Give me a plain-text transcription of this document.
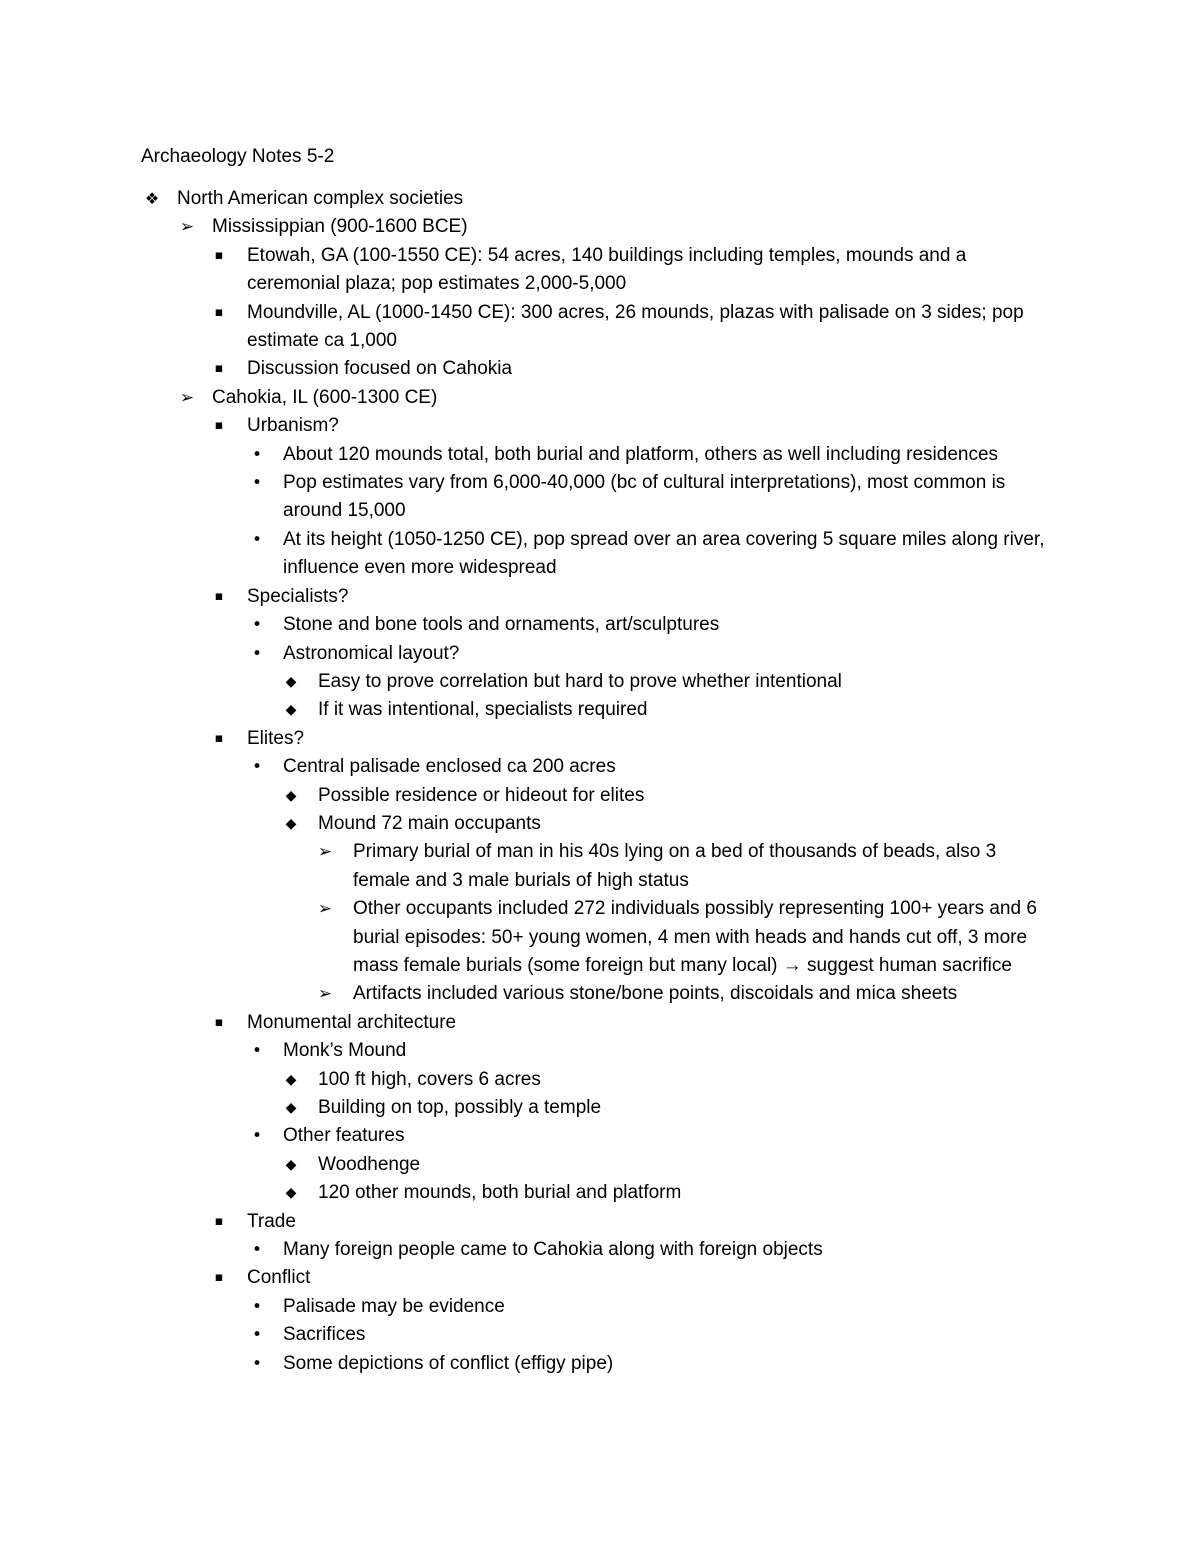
Archaeology Notes 5-2
❖ North American complex societies
➢ Mississippian (900-1600 BCE)
▪	Etowah, GA (100-1550 CE): 54 acres, 140 buildings including temples, mounds and a ceremonial plaza; pop estimates 2,000-5,000
▪	Moundville, AL (1000-1450 CE): 300 acres, 26 mounds, plazas with palisade on 3 sides; pop estimate ca 1,000
▪	Discussion focused on Cahokia
➢ Cahokia, IL (600-1300 CE)
▪	Urbanism?
•	About 120 mounds total, both burial and platform, others as well including residences
•	Pop estimates vary from 6,000-40,000 (bc of cultural interpretations), most common is around 15,000
•	At its height (1050-1250 CE), pop spread over an area covering 5 square miles along river, influence even more widespread
▪	Specialists?
•	Stone and bone tools and ornaments, art/sculptures
•	Astronomical layout?
◆	Easy to prove correlation but hard to prove whether intentional
◆	If it was intentional, specialists required
▪	Elites?
•	Central palisade enclosed ca 200 acres
◆	Possible residence or hideout for elites
◆	Mound 72 main occupants
➢ Primary burial of man in his 40s lying on a bed of thousands of beads, also 3 female and 3 male burials of high status
➢ Other occupants included 272 individuals possibly representing 100+ years and 6 burial episodes: 50+ young women, 4 men with heads and hands cut off, 3 more mass female burials (some foreign but many local) → suggest human sacrifice
➢ Artifacts included various stone/bone points, discoidals and mica sheets
▪	Monumental architecture
•	Monk’s Mound
◆	100 ft high, covers 6 acres
◆	Building on top, possibly a temple
•	Other features
◆	Woodhenge
◆	120 other mounds, both burial and platform
▪	Trade
•	Many foreign people came to Cahokia along with foreign objects
▪	Conflict
•	Palisade may be evidence
•	Sacrifices
•	Some depictions of conflict (effigy pipe)
